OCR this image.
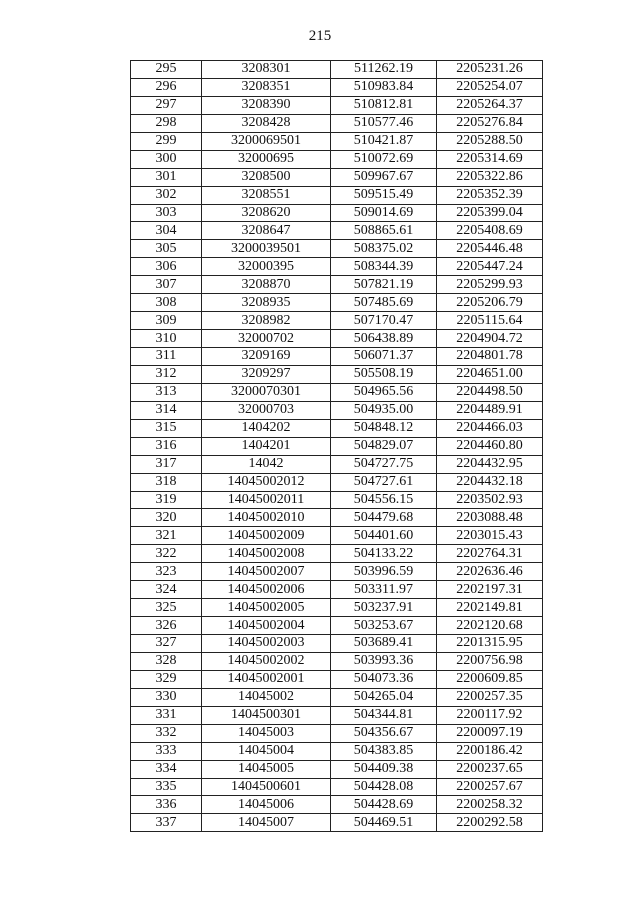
215
295	3208301	511262.19	2205231.26
296	3208351	510983.84	2205254.07
297	3208390	510812.81	2205264.37
298	3208428	510577.46	2205276.84
299	3200069501	510421.87	2205288.50
300	32000695	510072.69	2205314.69
301	3208500	509967.67	2205322.86
302	3208551	509515.49	2205352.39
303	3208620	509014.69	2205399.04
304	3208647	508865.61	2205408.69
305	3200039501	508375.02	2205446.48
306	32000395	508344.39	2205447.24
307	3208870	507821.19	2205299.93
308	3208935	507485.69	2205206.79
309	3208982	507170.47	2205115.64
310	32000702	506438.89	2204904.72
311	3209169	506071.37	2204801.78
312	3209297	505508.19	2204651.00
313	3200070301	504965.56	2204498.50
314	32000703	504935.00	2204489.91
315	1404202	504848.12	2204466.03
316	1404201	504829.07	2204460.80
317	14042	504727.75	2204432.95
318	14045002012	504727.61	2204432.18
319	14045002011	504556.15	2203502.93
320	14045002010	504479.68	2203088.48
321	14045002009	504401.60	2203015.43
322	14045002008	504133.22	2202764.31
323	14045002007	503996.59	2202636.46
324	14045002006	503311.97	2202197.31
325	14045002005	503237.91	2202149.81
326	14045002004	503253.67	2202120.68
327	14045002003	503689.41	2201315.95
328	14045002002	503993.36	2200756.98
329	14045002001	504073.36	2200609.85
330	14045002	504265.04	2200257.35
331	1404500301	504344.81	2200117.92
332	14045003	504356.67	2200097.19
333	14045004	504383.85	2200186.42
334	14045005	504409.38	2200237.65
335	1404500601	504428.08	2200257.67
336	14045006	504428.69	2200258.32
337	14045007	504469.51	2200292.58
